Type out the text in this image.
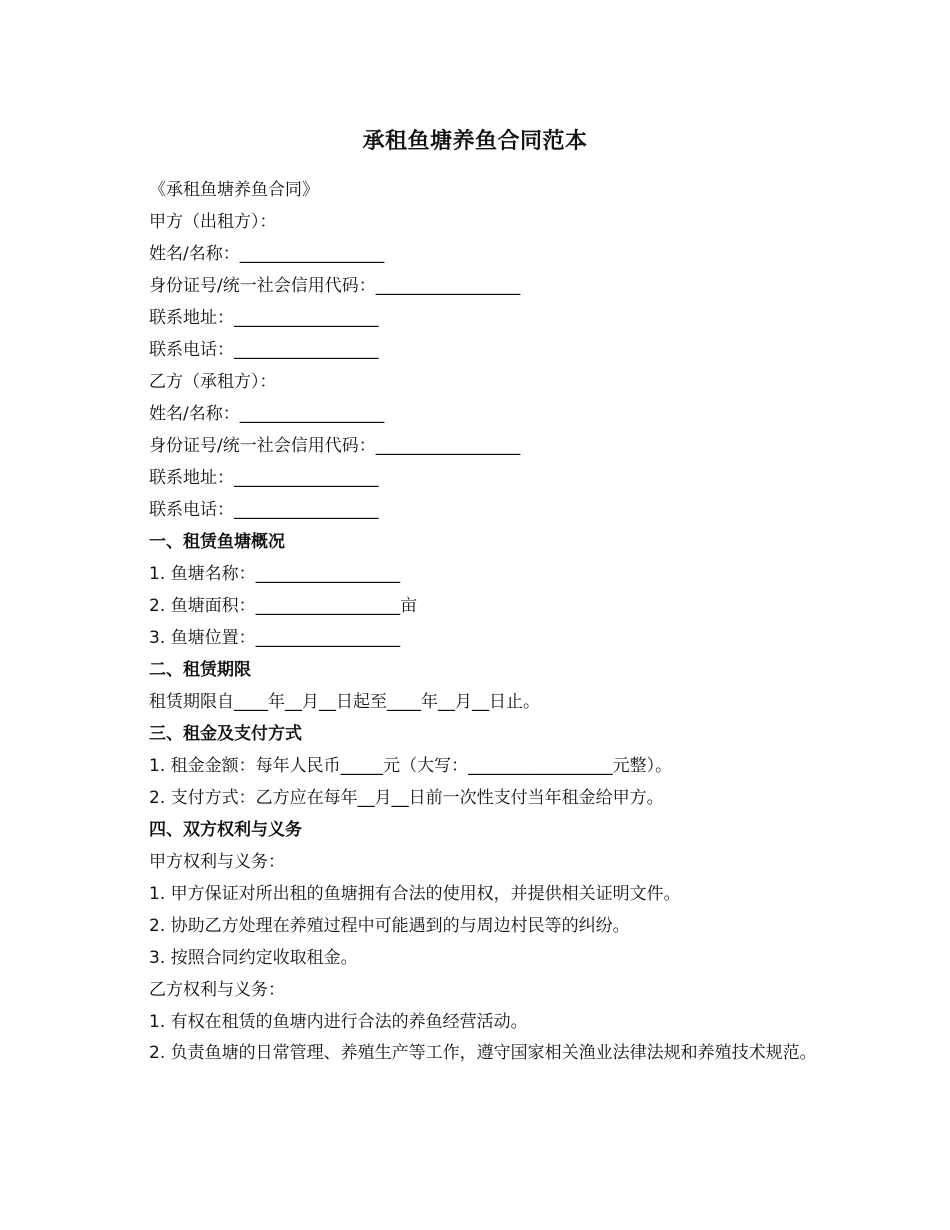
承租鱼塘养鱼合同范本
《承租鱼塘养鱼合同》
甲方（出租方）：
姓名/名称：_________________
身份证号/统一社会信用代码：_________________
联系地址：_________________
联系电话：_________________
乙方（承租方）：
姓名/名称：_________________
身份证号/统一社会信用代码：_________________
联系地址：_________________
联系电话：_________________
一、租赁鱼塘概况
1. 鱼塘名称：_________________
2. 鱼塘面积：_________________亩
3. 鱼塘位置：_________________
二、租赁期限
租赁期限自____年__月__日起至____年__月__日止。
三、租金及支付方式
1. 租金金额：每年人民币_____元（大写：_________________元整）。
2. 支付方式：乙方应在每年__月__日前一次性支付当年租金给甲方。
四、双方权利与义务
甲方权利与义务：
1. 甲方保证对所出租的鱼塘拥有合法的使用权，并提供相关证明文件。
2. 协助乙方处理在养殖过程中可能遇到的与周边村民等的纠纷。
3. 按照合同约定收取租金。
乙方权利与义务：
1. 有权在租赁的鱼塘内进行合法的养鱼经营活动。
2. 负责鱼塘的日常管理、养殖生产等工作，遵守国家相关渔业法律法规和养殖技术规范。
